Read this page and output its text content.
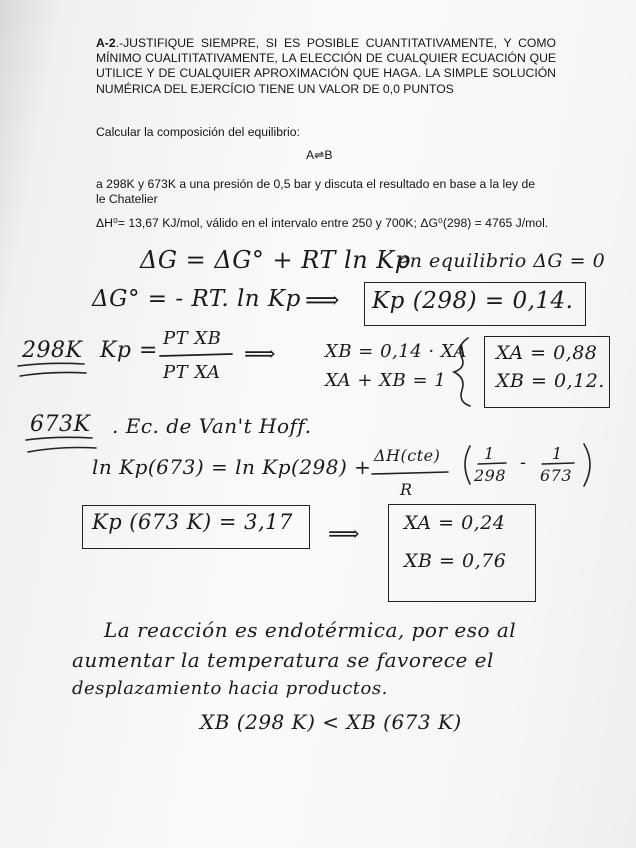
A-2.-JUSTIFIQUE SIEMPRE, SI ES POSIBLE CUANTITATIVAMENTE, Y COMO MÍNIMO CUALITITATIVAMENTE, LA ELECCIÓN DE CUALQUIER ECUACIÓN QUE UTILICE Y DE CUALQUIER APROXIMACIÓN QUE HAGA. LA SIMPLE SOLUCIÓN NUMÉRICA DEL EJERCÍCIO TIENE UN VALOR DE 0,0 PUNTOS
Calcular la composición del equilibrio:
A⇌B
a 298K y 673K a una presión de 0,5 bar y discuta el resultado en base a la ley de
le Chatelier
ΔH⁰= 13,67 KJ/mol, válido en el intervalo entre 250 y 700K; ΔG⁰(298) = 4765 J/mol.
ΔG = ΔG° + RT ln Kp
en equilibrio ΔG = 0
ΔG° = - RT. ln Kp ⟹ Kp (298) = 0,14.
298K Kp = PT XB
PT XA
⟹	XB = 0,14 · XA
XA + XB = 1
XA = 0,88
XB = 0,12.
673K . Ec. de Van't Hoff.
ln Kp(673) = ln Kp(298) + ΔH(cte)
R
1
298
- 1
673
Kp (673 K) = 3,17 ⟹ XA = 0,24
XB = 0,76
La reacción es endotérmica, por eso al
aumentar la temperatura se favorece el
desplazamiento hacia productos.
XB (298 K) < XB (673 K)
